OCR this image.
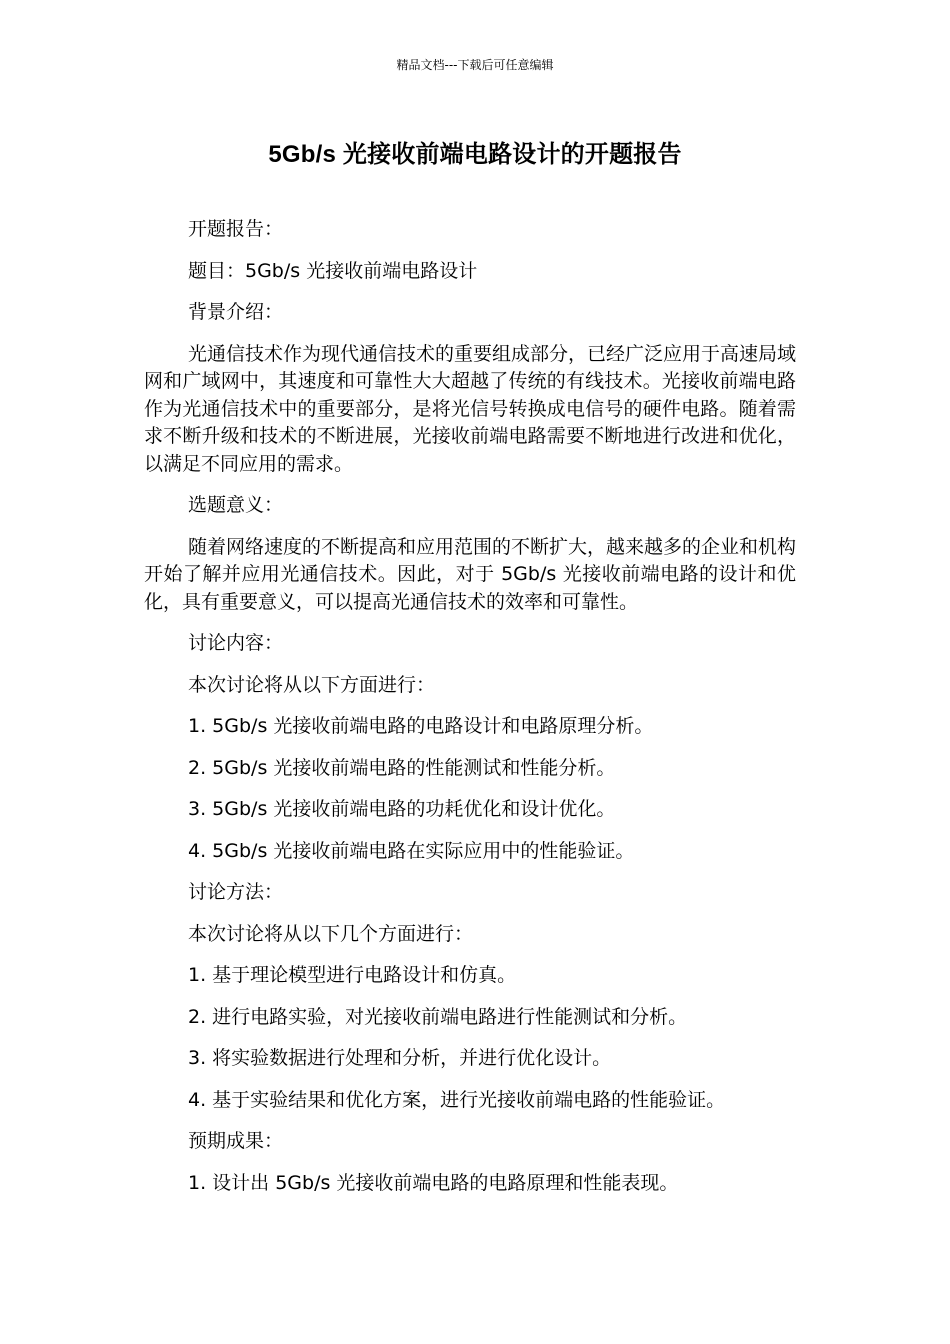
精品文档---下载后可任意编辑
5Gb/s 光接收前端电路设计的开题报告

开题报告：

题目：5Gb/s 光接收前端电路设计

背景介绍：

光通信技术作为现代通信技术的重要组成部分，已经广泛应用于高速局域网和广域网中，其速度和可靠性大大超越了传统的有线技术。光接收前端电路作为光通信技术中的重要部分，是将光信号转换成电信号的硬件电路。随着需求不断升级和技术的不断进展，光接收前端电路需要不断地进行改进和优化，以满足不同应用的需求。

选题意义：

随着网络速度的不断提高和应用范围的不断扩大，越来越多的企业和机构开始了解并应用光通信技术。因此，对于 5Gb/s 光接收前端电路的设计和优化，具有重要意义，可以提高光通信技术的效率和可靠性。

讨论内容：

本次讨论将从以下方面进行：

1. 5Gb/s 光接收前端电路的电路设计和电路原理分析。

2. 5Gb/s 光接收前端电路的性能测试和性能分析。

3. 5Gb/s 光接收前端电路的功耗优化和设计优化。

4. 5Gb/s 光接收前端电路在实际应用中的性能验证。

讨论方法：

本次讨论将从以下几个方面进行：

1. 基于理论模型进行电路设计和仿真。

2. 进行电路实验，对光接收前端电路进行性能测试和分析。

3. 将实验数据进行处理和分析，并进行优化设计。

4. 基于实验结果和优化方案，进行光接收前端电路的性能验证。

预期成果：

1. 设计出 5Gb/s 光接收前端电路的电路原理和性能表现。
